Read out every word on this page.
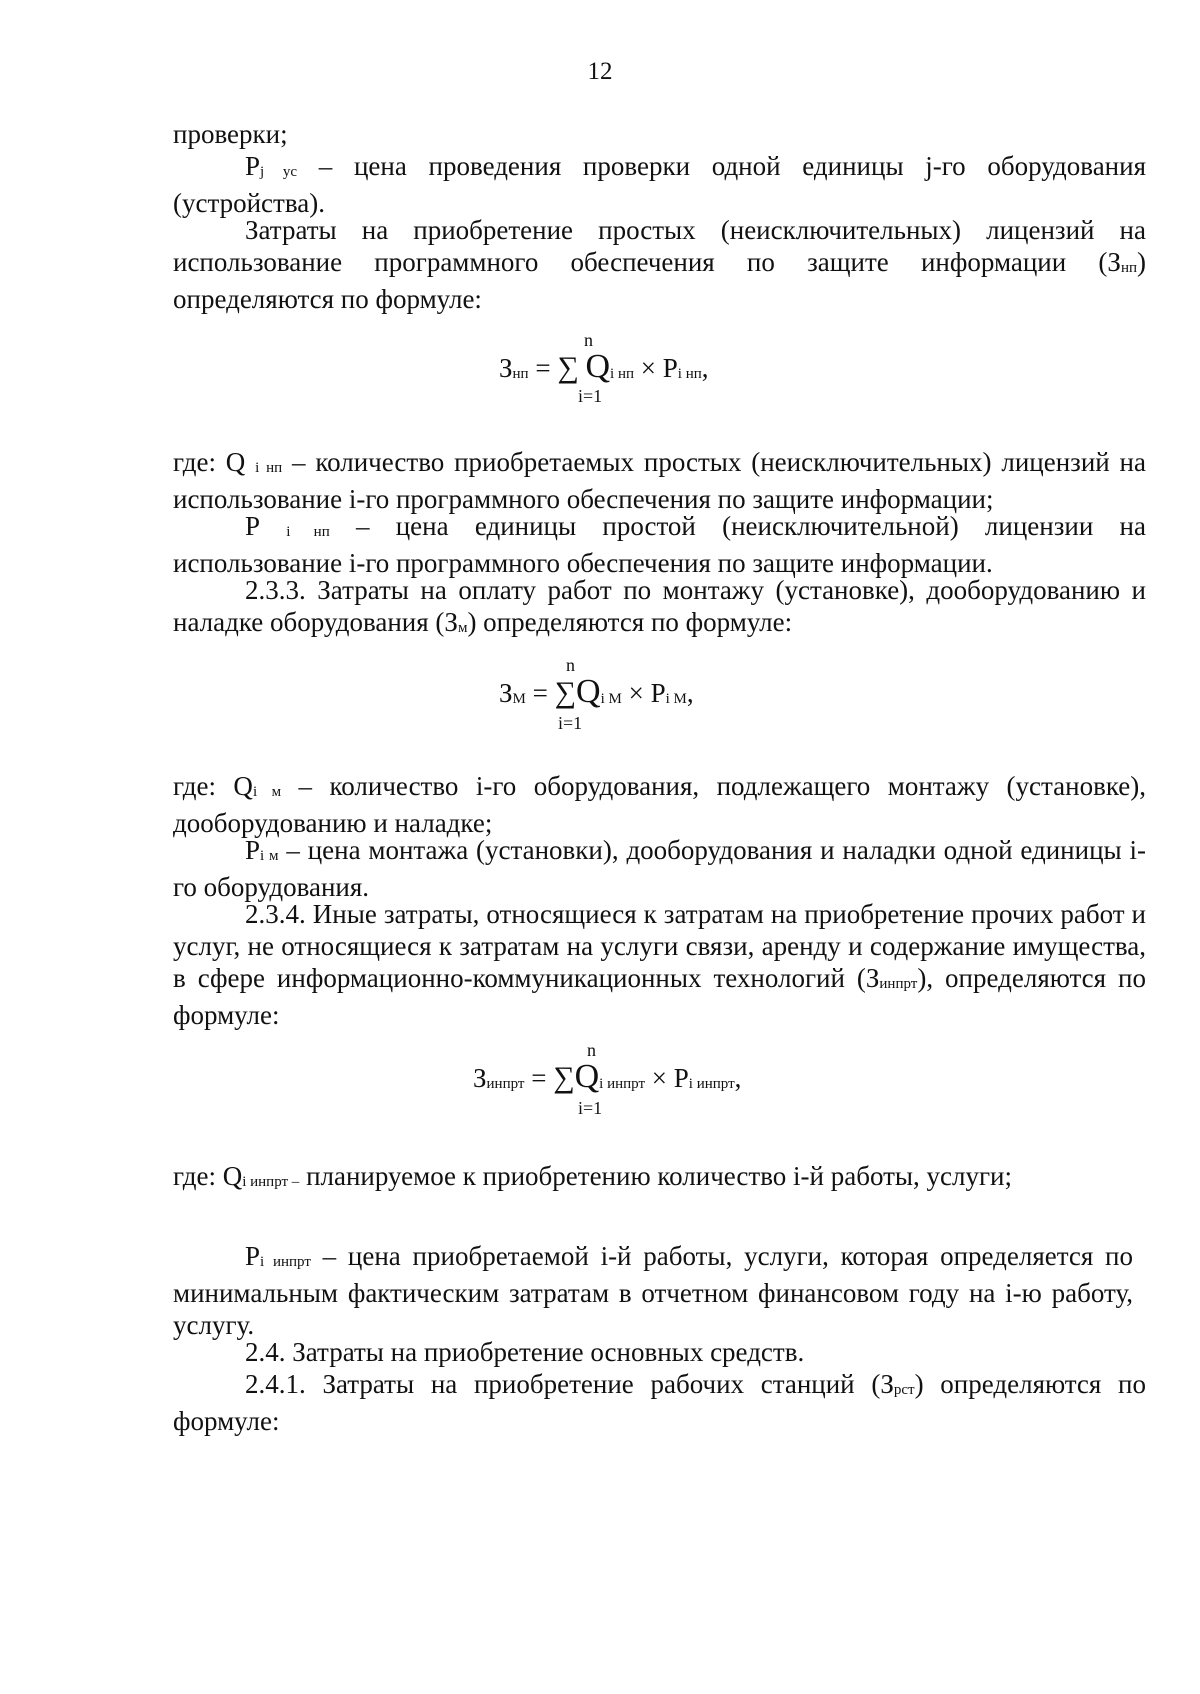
12
проверки;
$P_{j ус}$ – цена проведения проверки одной единицы j-го оборудования (устройства).
Затраты на приобретение простых (неисключительных) лицензий на использование программного обеспечения по защите информации $(З_{нп})$ определяются по формуле:
n
$З_{нп}$ = ∑ $Q_{i нп} \times P_{i нп}$,
i=1
где: Q $_{i нп}$ – количество приобретаемых простых (неисключительных) лицензий на использование i-го программного обеспечения по защите информации;
Р $_{i нп}$ – цена единицы простой (неисключительной) лицензии на использование i-го программного обеспечения по защите информации.
2.3.3. Затраты на оплату работ по монтажу (установке), дооборудованию и наладке оборудования $(З_м)$ определяются по формуле:
n
$З_М = \sum Q_{i М} \times P_{i М}$,
i=1
где: $Q_{i м}$ – количество i-го оборудования, подлежащего монтажу (установке), дооборудованию и наладке;
$P_{i м}$ – цена монтажа (установки), дооборудования и наладки одной единицы i-го оборудования.
2.3.4. Иные затраты, относящиеся к затратам на приобретение прочих работ и услуг, не относящиеся к затратам на услуги связи, аренду и содержание имущества, в сфере информационно-коммуникационных технологий $(З_{инпрт})$, определяются по формуле:
n
$З_{инпрт} = \sum Q_{i инпрт} \times P_{i инпрт}$,
i=1
где: $Q_{i инпрт -}$ планируемое к приобретению количество i-й работы, услуги;
$P_{i инпрт}$ – цена приобретаемой i-й работы, услуги, которая определяется по минимальным фактическим затратам в отчетном финансовом году на i-ю работу, услугу.
2.4. Затраты на приобретение основных средств.
2.4.1. Затраты на приобретение рабочих станций $(З_{рст})$ определяются по формуле:
